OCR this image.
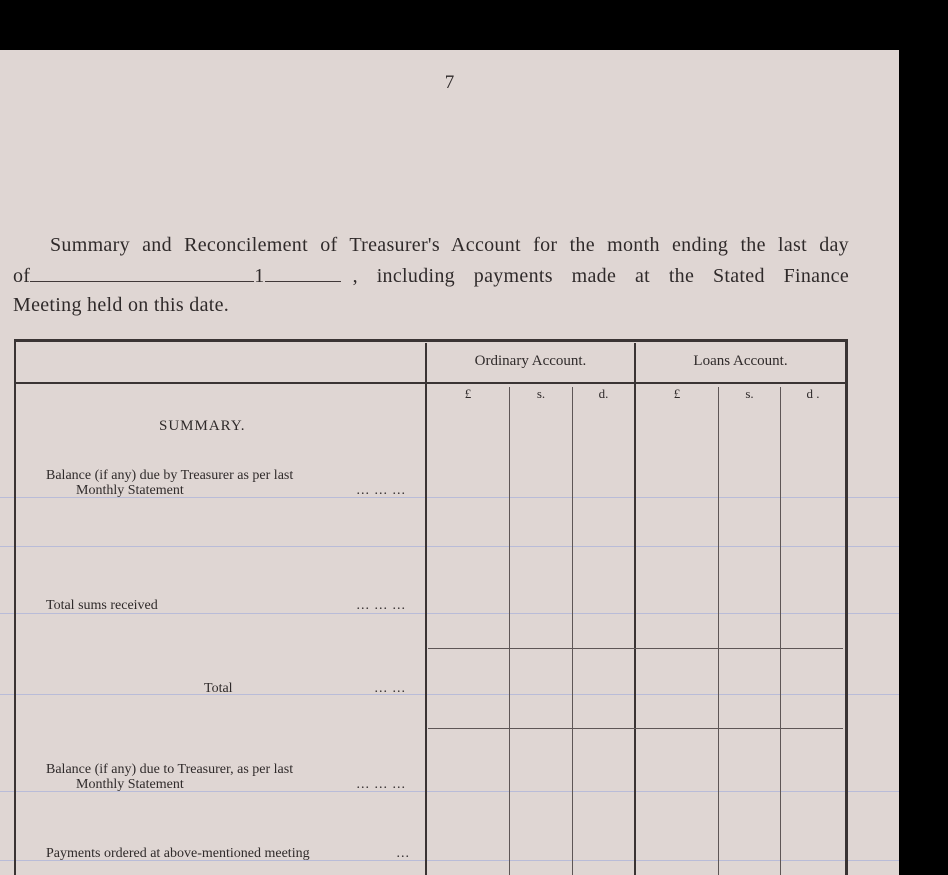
7
Summary and Reconcilement of Treasurer's Account for the month ending the last day
of	1	, including payments made at the Stated Finance
Meeting held on this date.
Ordinary Account.	Loans Account.
£	s.	d.	£	s.	d .
SUMMARY.
Balance (if any) due by Treasurer as per last
Monthly Statement	... ... ...
Total sums received	... ... ...
Total	... ...
Balance (if any) due to Treasurer, as per last
Monthly Statement	... ... ...
Payments ordered at above-mentioned meeting	...
